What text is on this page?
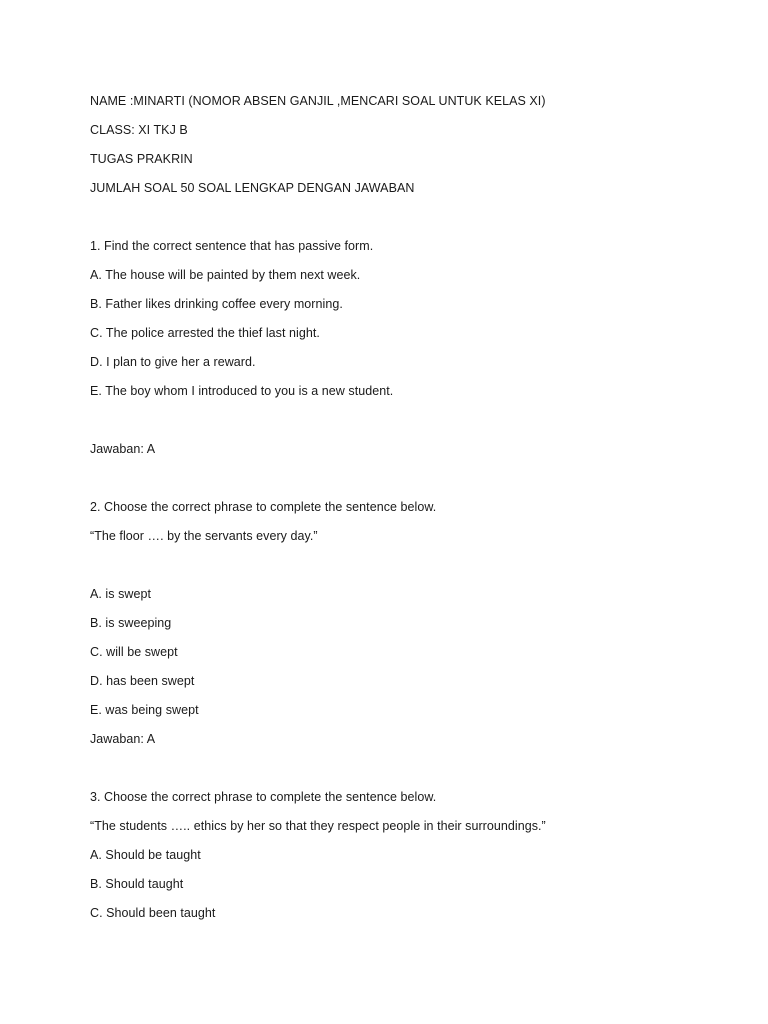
NAME :MINARTI (NOMOR ABSEN GANJIL ,MENCARI SOAL UNTUK KELAS XI)
CLASS: XI TKJ B
TUGAS PRAKRIN
JUMLAH SOAL 50 SOAL LENGKAP DENGAN JAWABAN
1. Find the correct sentence that has passive form.
A. The house will be painted by them next week.
B. Father likes drinking coffee every morning.
C. The police arrested the thief last night.
D. I plan to give her a reward.
E. The boy whom I introduced to you is a new student.
Jawaban: A
2. Choose the correct phrase to complete the sentence below.
“The floor …. by the servants every day.”
A. is swept
B. is sweeping
C. will be swept
D. has been swept
E. was being swept
Jawaban: A
3. Choose the correct phrase to complete the sentence below.
“The students ….. ethics by her so that they respect people in their surroundings.”
A. Should be taught
B. Should taught
C. Should been taught
